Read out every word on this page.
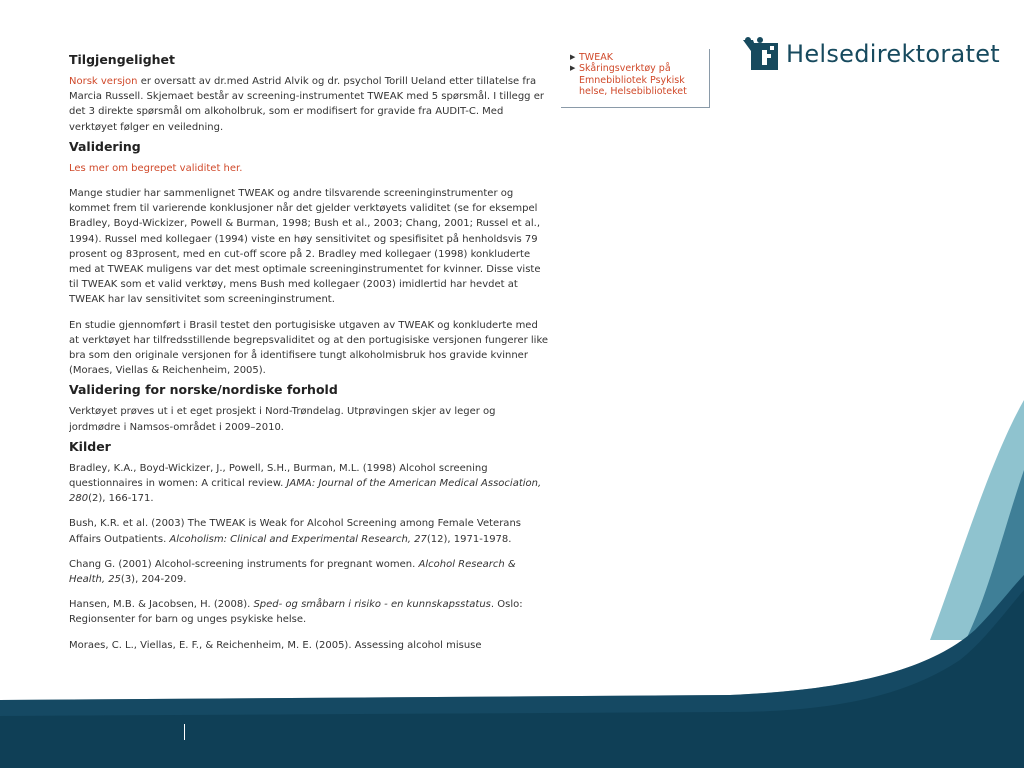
Helsedirektoratet
▶ TWEAK
▶ Skåringsverktøy på Emnebibliotek Psykisk helse, Helsebiblioteket
Tilgjengelighet

Norsk versjon er oversatt av dr.med Astrid Alvik og dr. psychol Torill Ueland etter tillatelse fra Marcia Russell. Skjemaet består av screening-instrumentet TWEAK med 5 spørsmål. I tillegg er det 3 direkte spørsmål om alkoholbruk, som er modifisert for gravide fra AUDIT-C. Med verktøyet følger en veiledning.

Validering

Les mer om begrepet validitet her.

Mange studier har sammenlignet TWEAK og andre tilsvarende screeninginstrumenter og kommet frem til varierende konklusjoner når det gjelder verktøyets validitet (se for eksempel Bradley, Boyd-Wickizer, Powell & Burman, 1998; Bush et al., 2003; Chang, 2001; Russel et al., 1994). Russel med kollegaer (1994) viste en høy sensitivitet og spesifisitet på henholdsvis 79 prosent og 83prosent, med en cut-off score på 2. Bradley med kollegaer (1998) konkluderte med at TWEAK muligens var det mest optimale screeninginstrumentet for kvinner. Disse viste til TWEAK som et valid verktøy, mens Bush med kollegaer (2003) imidlertid har hevdet at TWEAK har lav sensitivitet som screeninginstrument.

En studie gjennomført i Brasil testet den portugisiske utgaven av TWEAK og konkluderte med at verktøyet har tilfredsstillende begrepsvaliditet og at den portugisiske versjonen fungerer like bra som den originale versjonen for å identifisere tungt alkoholmisbruk hos gravide kvinner (Moraes, Viellas & Reichenheim, 2005).

Validering for norske/nordiske forhold

Verktøyet prøves ut i et eget prosjekt i Nord-Trøndelag. Utprøvingen skjer av leger og jordmødre i Namsos-området i 2009–2010.

Kilder

Bradley, K.A., Boyd-Wickizer, J., Powell, S.H., Burman, M.L. (1998) Alcohol screening questionnaires in women: A critical review. JAMA: Journal of the American Medical Association, 280(2), 166-171.

Bush, K.R. et al. (2003) The TWEAK is Weak for Alcohol Screening among Female Veterans Affairs Outpatients. Alcoholism: Clinical and Experimental Research, 27(12), 1971-1978.

Chang G. (2001) Alcohol-screening instruments for pregnant women. Alcohol Research & Health, 25(3), 204-209.

Hansen, M.B. & Jacobsen, H. (2008). Sped- og småbarn i risiko - en kunnskapsstatus. Oslo: Regionsenter for barn og unges psykiske helse.

Moraes, C. L., Viellas, E. F., & Reichenheim, M. E. (2005). Assessing alcohol misuse
